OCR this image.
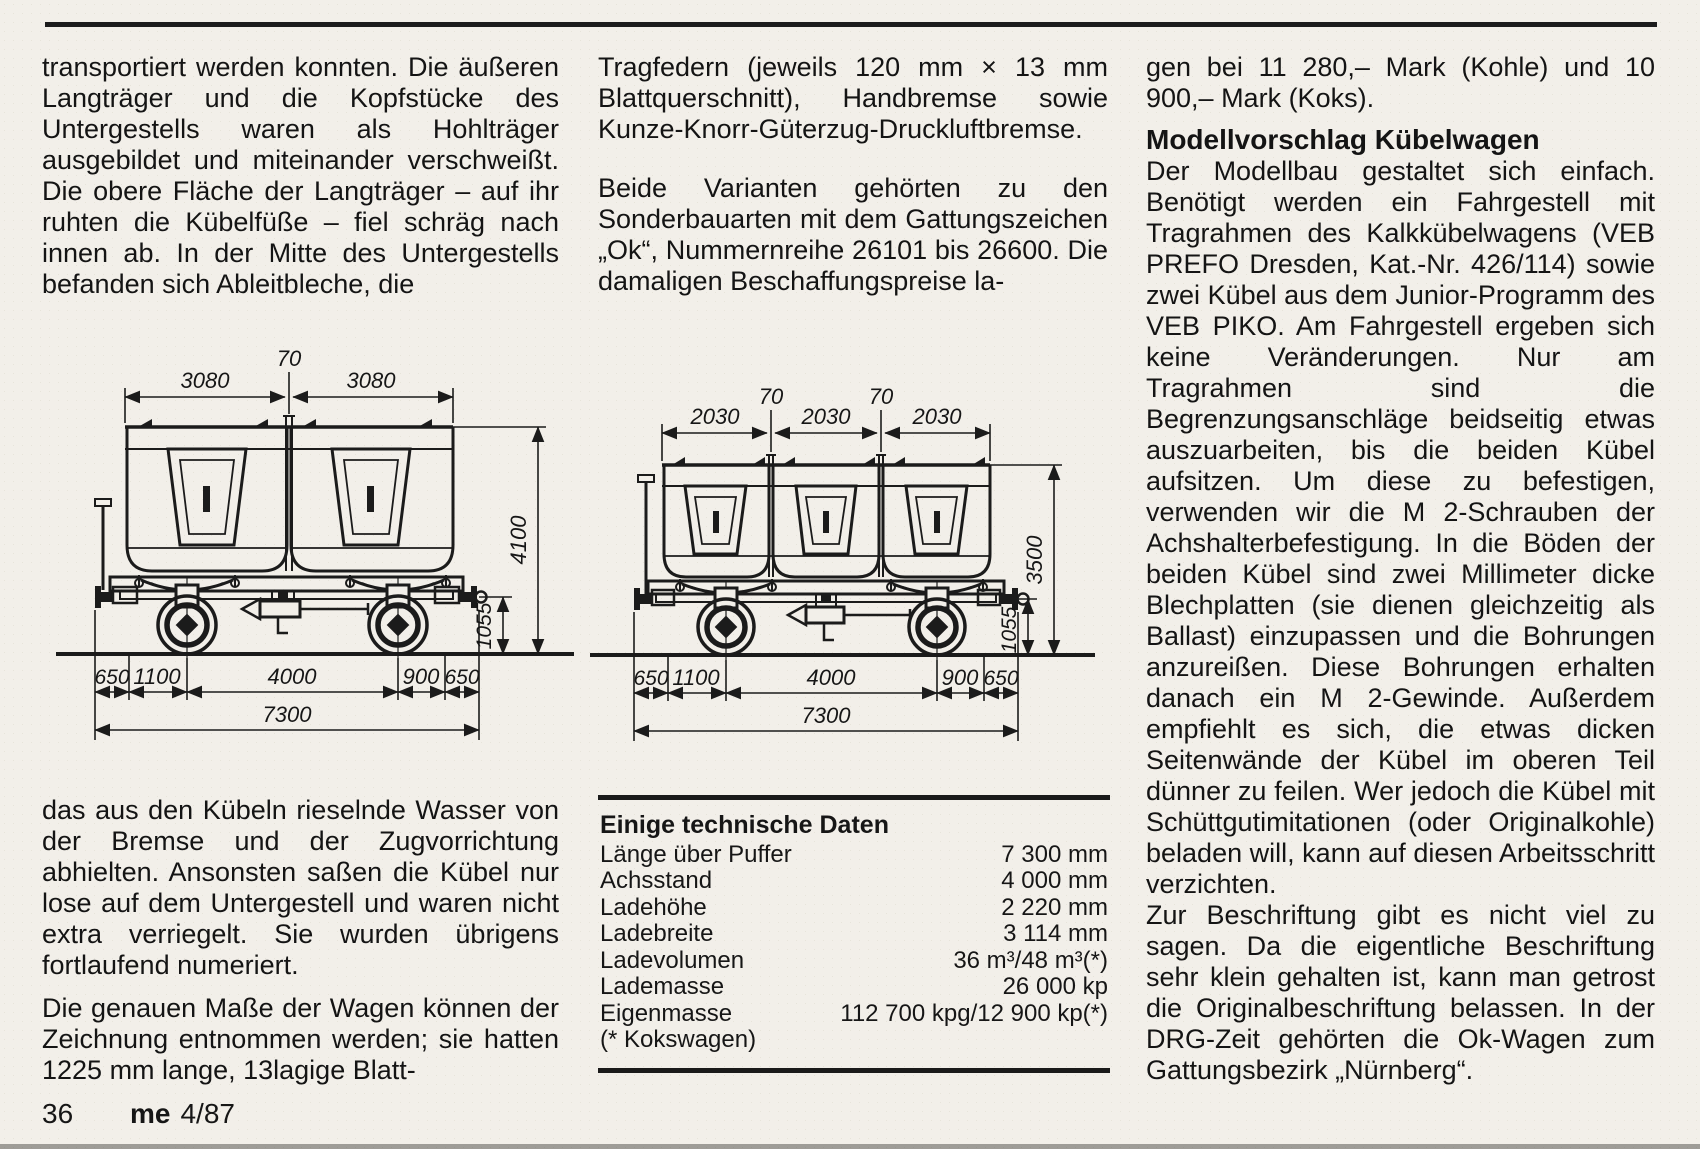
transportiert werden konnten. Die äußeren Langträger und die Kopfstücke des Untergestells waren als Hohlträger ausgebildet und miteinander verschweißt. Die obere Fläche der Langträger – auf ihr ruhten die Kübelfüße – fiel schräg nach innen ab. In der Mitte des Untergestells befanden sich Ableitbleche, die

Tragfedern (jeweils 120 mm × 13 mm Blattquerschnitt), Handbremse sowie Kunze-Knorr-Güterzug-Druckluftbremse.

Beide Varianten gehörten zu den Sonderbauarten mit dem Gattungszeichen „Ok“, Nummernreihe 26101 bis 26600. Die damaligen Beschaffungspreise la-

gen bei 11 280,– Mark (Kohle) und 10 900,– Mark (Koks).

Modellvorschlag Kübelwagen

Der Modellbau gestaltet sich einfach. Benötigt werden ein Fahrgestell mit Tragrahmen des Kalkkübelwagens (VEB PREFO Dresden, Kat.-Nr. 426/114) sowie zwei Kübel aus dem Junior-Programm des VEB PIKO. Am Fahrgestell ergeben sich keine Veränderungen. Nur am Tragrahmen sind die Begrenzungsanschläge beidseitig etwas auszuarbeiten, bis die beiden Kübel aufsitzen. Um diese zu befestigen, verwenden wir die M 2-Schrauben der Achshalterbefestigung. In die Böden der beiden Kübel sind zwei Millimeter dicke Blechplatten (sie dienen gleichzeitig als Ballast) einzupassen und die Bohrungen anzureißen. Diese Bohrungen erhalten danach ein M 2-Gewinde. Außerdem empfiehlt es sich, die etwas dicken Seitenwände der Kübel im oberen Teil dünner zu feilen. Wer jedoch die Kübel mit Schüttgutimitationen (oder Originalkohle) beladen will, kann auf diesen Arbeitsschritt verzichten.

Zur Beschriftung gibt es nicht viel zu sagen. Da die eigentliche Beschriftung sehr klein gehalten ist, kann man getrost die Originalbeschriftung belassen. In der DRG-Zeit gehörten die Ok-Wagen zum Gattungsbezirk „Nürnberg“.

das aus den Kübeln rieselnde Wasser von der Bremse und der Zugvorrichtung abhielten. Ansonsten saßen die Kübel nur lose auf dem Untergestell und waren nicht extra verriegelt. Sie wurden übrigens fortlaufend numeriert.

Die genauen Maße der Wagen können der Zeichnung entnommen werden; sie hatten 1225 mm lange, 13lagige Blatt-

Einige technische Daten
Länge über Puffer	7 300 mm
Achsstand	4 000 mm
Ladehöhe	2 220 mm
Ladebreite	3 114 mm
Ladevolumen	36 m³/48 m³(*)
Lademasse	26 000 kp
Eigenmasse	112 700 kpg/12 900 kp(*)
(* Kokswagen)
3080
70
3080
4100
1055
650 1100	4000	900 650
7300
2030
70
2030
70
2030
3500
1055
650 1100	4000	900 650
7300
36	me 4/87
